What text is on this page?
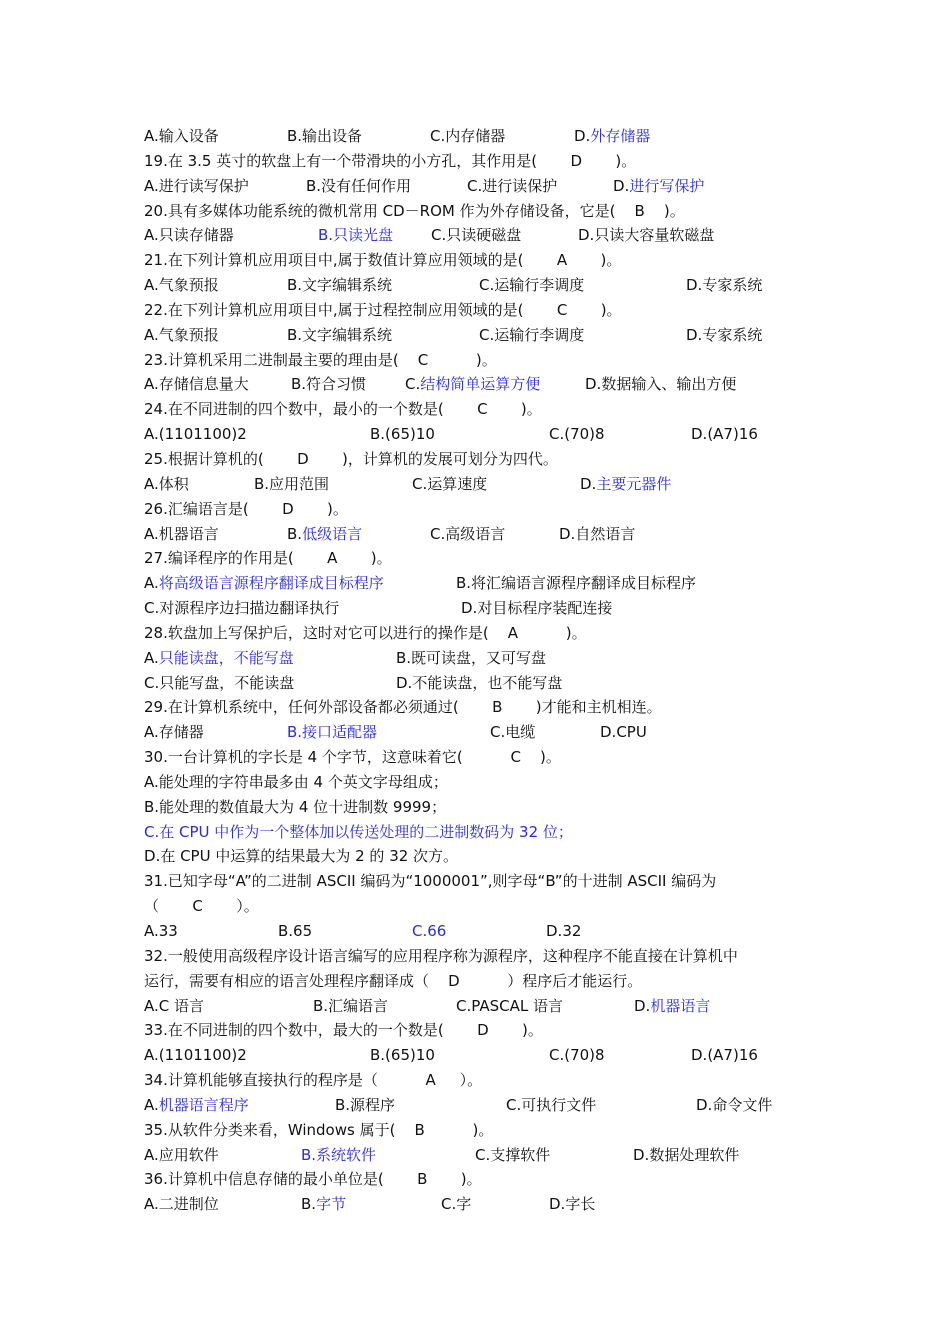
A.输入设备	B.输出设备	C.内存储器	D.外存储器
19.在 3.5 英寸的软盘上有一个带滑块的小方孔，其作用是(       D       )。
A.进行读写保护	B.没有任何作用	C.进行读保护	D.进行写保护
20.具有多媒体功能系统的微机常用 CD－ROM 作为外存储设备，它是(    B    )。
A.只读存储器	B.只读光盘	C.只读硬磁盘	D.只读大容量软磁盘
21.在下列计算机应用项目中,属于数值计算应用领域的是(       A       )。
A.气象预报	B.文字编辑系统	C.运输行李调度	D.专家系统
22.在下列计算机应用项目中,属于过程控制应用领域的是(       C       )。
A.气象预报	B.文字编辑系统	C.运输行李调度	D.专家系统
23.计算机采用二进制最主要的理由是(    C          )。
A.存储信息量大	B.符合习惯	C.结构简单运算方便	D.数据输入、输出方便
24.在不同进制的四个数中，最小的一个数是(       C       )。
A.(1101100)2	B.(65)10	C.(70)8	D.(A7)16
25.根据计算机的(       D       )，计算机的发展可划分为四代。
A.体积	B.应用范围	C.运算速度	D.主要元器件
26.汇编语言是(       D       )。
A.机器语言	B.低级语言	C.高级语言	D.自然语言
27.编译程序的作用是(       A       )。
A.将高级语言源程序翻译成目标程序	B.将汇编语言源程序翻译成目标程序
C.对源程序边扫描边翻译执行	D.对目标程序装配连接
28.软盘加上写保护后，这时对它可以进行的操作是(    A          )。
A.只能读盘，不能写盘	B.既可读盘，又可写盘
C.只能写盘，不能读盘	D.不能读盘，也不能写盘
29.在计算机系统中，任何外部设备都必须通过(       B       )才能和主机相连。
A.存储器	B.接口适配器	C.电缆	D.CPU
30.一台计算机的字长是 4 个字节，这意味着它(          C    )。
A.能处理的字符串最多由 4 个英文字母组成；
B.能处理的数值最大为 4 位十进制数 9999；
C.在 CPU 中作为一个整体加以传送处理的二进制数码为 32 位；
D.在 CPU 中运算的结果最大为 2 的 32 次方。
31.已知字母“A”的二进制 ASCII 编码为“1000001”,则字母“B”的十进制 ASCII 编码为
（       C       ）。
A.33	B.65	C.66	D.32
32.一般使用高级程序设计语言编写的应用程序称为源程序，这种程序不能直接在计算机中
运行，需要有相应的语言处理程序翻译成（    D          ）程序后才能运行。
A.C 语言	B.汇编语言	C.PASCAL 语言	D.机器语言
33.在不同进制的四个数中，最大的一个数是(       D       )。
A.(1101100)2	B.(65)10	C.(70)8	D.(A7)16
34.计算机能够直接执行的程序是（          A     ）。
A.机器语言程序	B.源程序	C.可执行文件	D.命令文件
35.从软件分类来看，Windows 属于(    B          )。
A.应用软件	B.系统软件	C.支撑软件	D.数据处理软件
36.计算机中信息存储的最小单位是(       B       )。
A.二进制位	B.字节	C.字	D.字长
